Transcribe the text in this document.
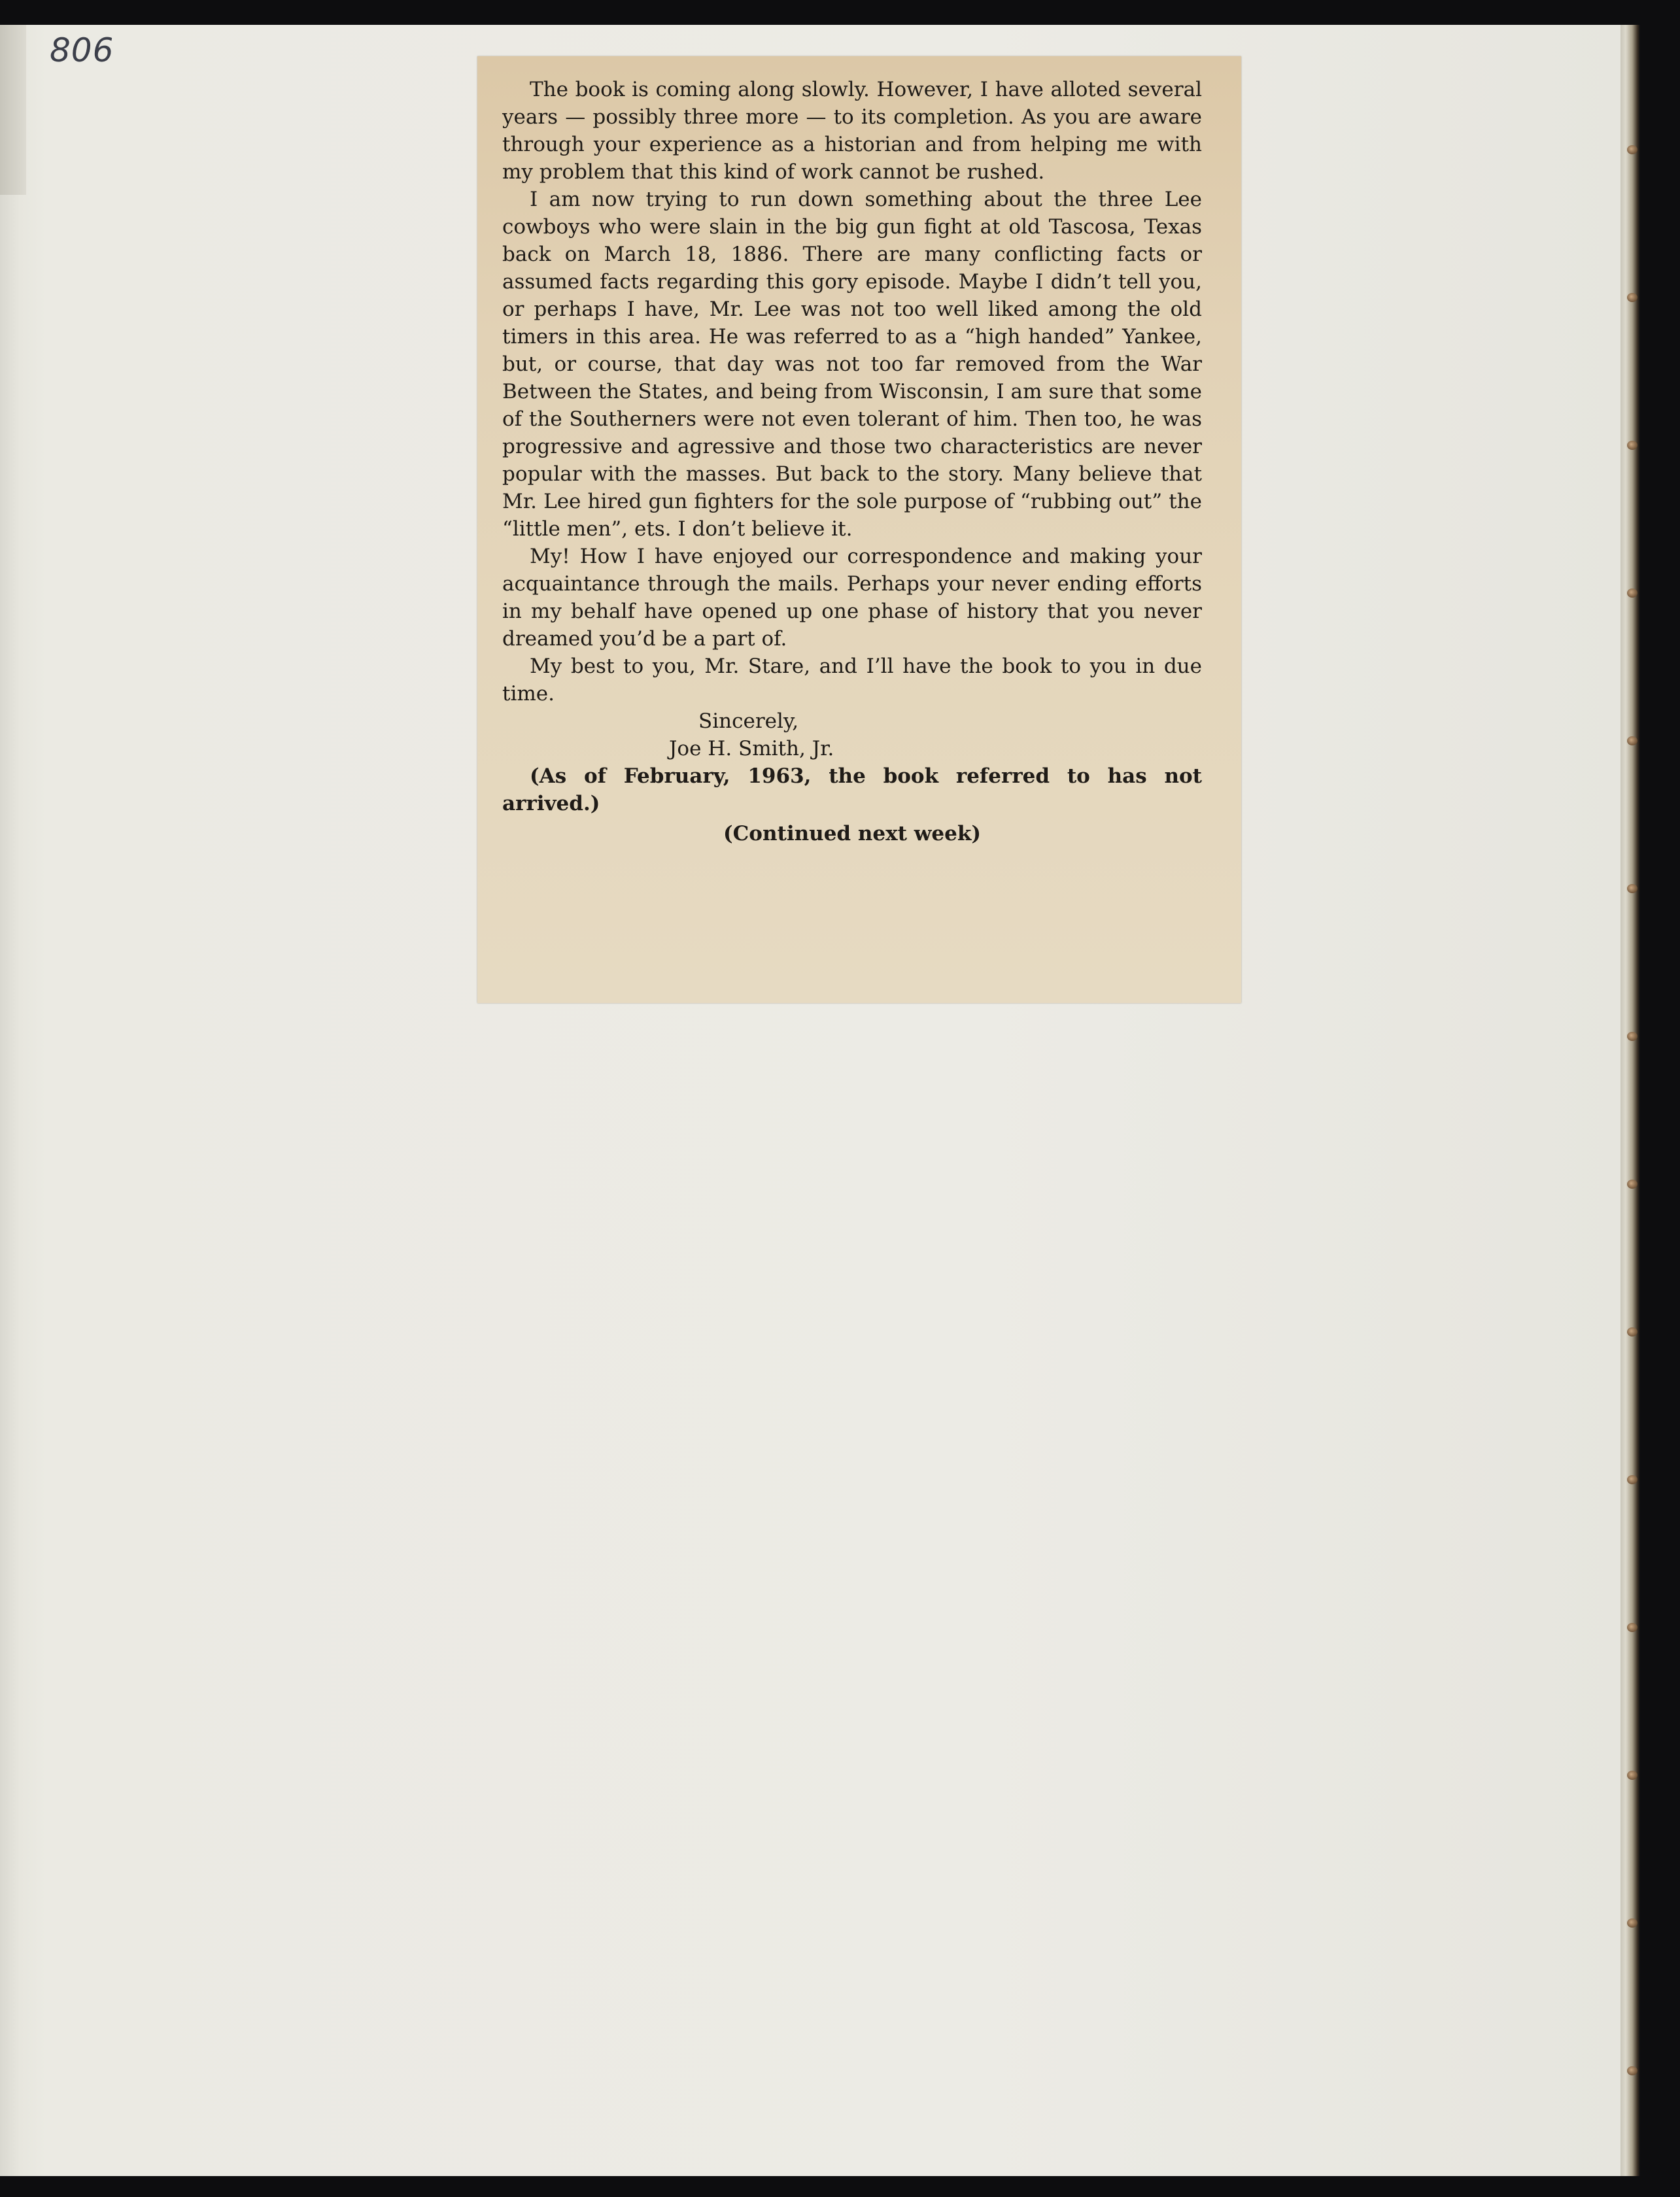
806

The book is coming along slowly. However, I have alloted several years — possibly three more — to its completion. As you are aware through your experience as a historian and from helping me with my problem that this kind of work cannot be rushed.

I am now trying to run down something about the three Lee cowboys who were slain in the big gun fight at old Tascosa, Texas back on March 18, 1886. There are many conflicting facts or assumed facts regarding this gory episode. Maybe I didn’t tell you, or perhaps I have, Mr. Lee was not too well liked among the old timers in this area. He was referred to as a “high handed” Yankee, but, or course, that day was not too far removed from the War Between the States, and being from Wisconsin, I am sure that some of the Southerners were not even tolerant of him. Then too, he was progressive and agressive and those two characteristics are never popular with the masses. But back to the story. Many believe that Mr. Lee hired gun fighters for the sole purpose of “rubbing out” the “little men”, ets. I don’t believe it.

My! How I have enjoyed our correspondence and making your acquaintance through the mails. Perhaps your never ending efforts in my behalf have opened up one phase of history that you never dreamed you’d be a part of.

My best to you, Mr. Stare, and I’ll have the book to you in due time.

Sincerely,

Joe H. Smith, Jr.

(As of February, 1963, the book referred to has not arrived.)

(Continued next week)
